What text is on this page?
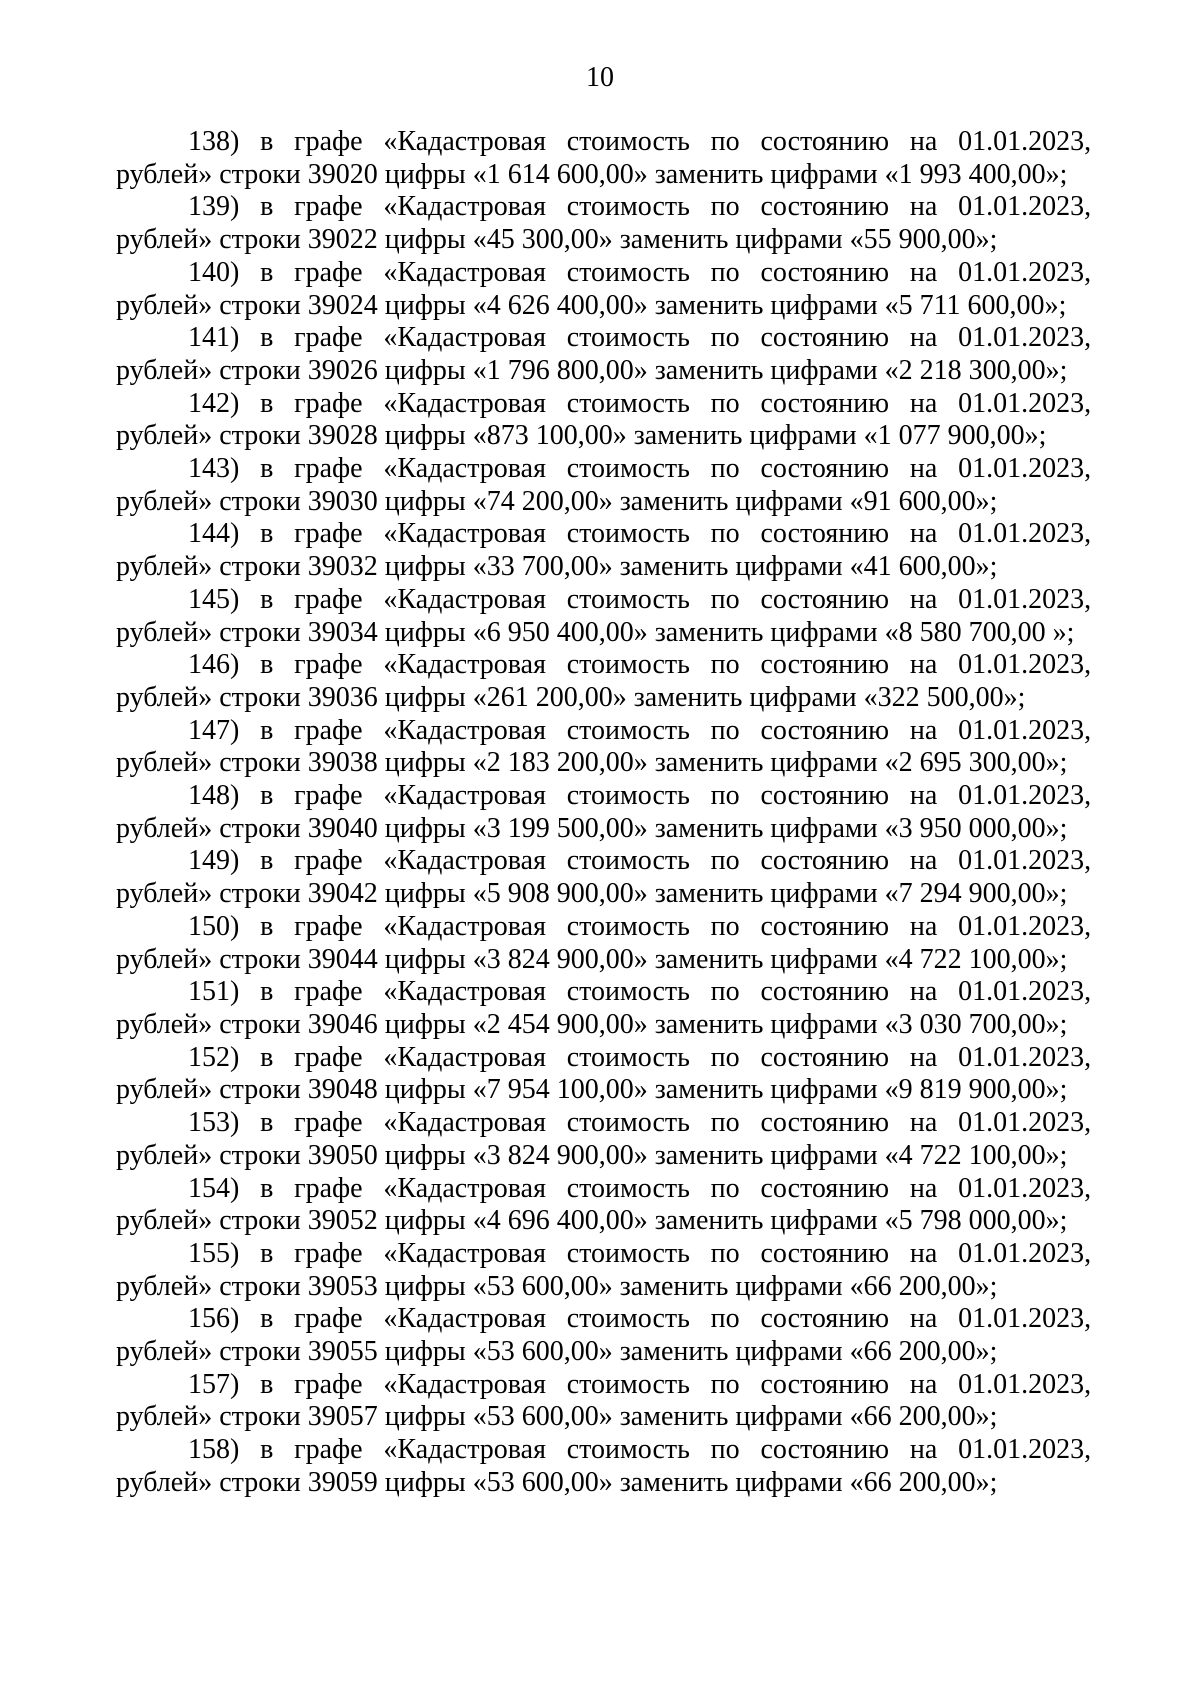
10

138) в графе «Кадастровая стоимость по состоянию на 01.01.2023,
рублей» строки 39020 цифры «1 614 600,00» заменить цифрами «1 993 400,00»;

139) в графе «Кадастровая стоимость по состоянию на 01.01.2023,
рублей» строки 39022 цифры «45 300,00» заменить цифрами «55 900,00»;

140) в графе «Кадастровая стоимость по состоянию на 01.01.2023,
рублей» строки 39024 цифры «4 626 400,00» заменить цифрами «5 711 600,00»;

141) в графе «Кадастровая стоимость по состоянию на 01.01.2023,
рублей» строки 39026 цифры «1 796 800,00» заменить цифрами «2 218 300,00»;

142) в графе «Кадастровая стоимость по состоянию на 01.01.2023,
рублей» строки 39028 цифры «873 100,00» заменить цифрами «1 077 900,00»;

143) в графе «Кадастровая стоимость по состоянию на 01.01.2023,
рублей» строки 39030 цифры «74 200,00» заменить цифрами «91 600,00»;

144) в графе «Кадастровая стоимость по состоянию на 01.01.2023,
рублей» строки 39032 цифры «33 700,00» заменить цифрами «41 600,00»;

145) в графе «Кадастровая стоимость по состоянию на 01.01.2023,
рублей» строки 39034 цифры «6 950 400,00» заменить цифрами «8 580 700,00 »;

146) в графе «Кадастровая стоимость по состоянию на 01.01.2023,
рублей» строки 39036 цифры «261 200,00» заменить цифрами «322 500,00»;

147) в графе «Кадастровая стоимость по состоянию на 01.01.2023,
рублей» строки 39038 цифры «2 183 200,00» заменить цифрами «2 695 300,00»;

148) в графе «Кадастровая стоимость по состоянию на 01.01.2023,
рублей» строки 39040 цифры «3 199 500,00» заменить цифрами «3 950 000,00»;

149) в графе «Кадастровая стоимость по состоянию на 01.01.2023,
рублей» строки 39042 цифры «5 908 900,00» заменить цифрами «7 294 900,00»;

150) в графе «Кадастровая стоимость по состоянию на 01.01.2023,
рублей» строки 39044 цифры «3 824 900,00» заменить цифрами «4 722 100,00»;

151) в графе «Кадастровая стоимость по состоянию на 01.01.2023,
рублей» строки 39046 цифры «2 454 900,00» заменить цифрами «3 030 700,00»;

152) в графе «Кадастровая стоимость по состоянию на 01.01.2023,
рублей» строки 39048 цифры «7 954 100,00» заменить цифрами «9 819 900,00»;

153) в графе «Кадастровая стоимость по состоянию на 01.01.2023,
рублей» строки 39050 цифры «3 824 900,00» заменить цифрами «4 722 100,00»;

154) в графе «Кадастровая стоимость по состоянию на 01.01.2023,
рублей» строки 39052 цифры «4 696 400,00» заменить цифрами «5 798 000,00»;

155) в графе «Кадастровая стоимость по состоянию на 01.01.2023,
рублей» строки 39053 цифры «53 600,00» заменить цифрами «66 200,00»;

156) в графе «Кадастровая стоимость по состоянию на 01.01.2023,
рублей» строки 39055 цифры «53 600,00» заменить цифрами «66 200,00»;

157) в графе «Кадастровая стоимость по состоянию на 01.01.2023,
рублей» строки 39057 цифры «53 600,00» заменить цифрами «66 200,00»;

158) в графе «Кадастровая стоимость по состоянию на 01.01.2023,
рублей» строки 39059 цифры «53 600,00» заменить цифрами «66 200,00»;
